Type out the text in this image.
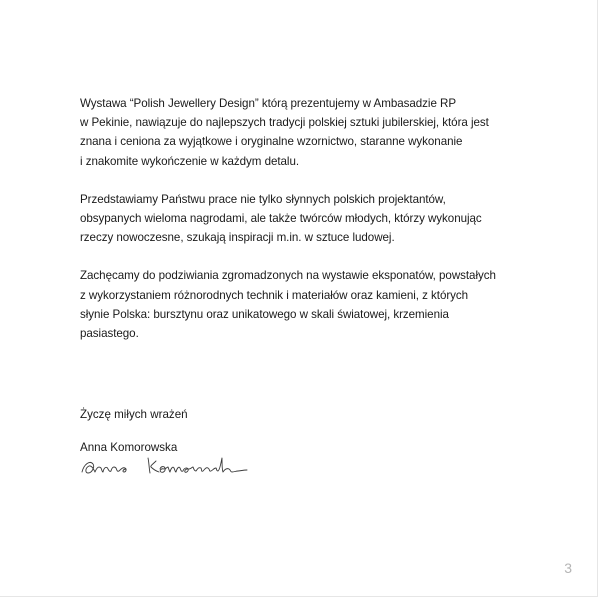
Wystawa “Polish Jewellery Design” którą prezentujemy w Ambasadzie RP
w Pekinie, nawiązuje do najlepszych tradycji polskiej sztuki jubilerskiej, która jest
znana i ceniona za wyjątkowe i oryginalne wzornictwo, staranne wykonanie
i znakomite wykończenie w każdym detalu.

Przedstawiamy Państwu prace nie tylko słynnych polskich projektantów,
obsypanych wieloma nagrodami, ale także twórców młodych, którzy wykonując
rzeczy nowoczesne, szukają inspiracji m.in. w sztuce ludowej.

Zachęcamy do podziwiania zgromadzonych na wystawie eksponatów, powstałych
z wykorzystaniem różnorodnych technik i materiałów oraz kamieni, z których
słynie Polska: bursztynu oraz unikatowego w skali światowej, krzemienia
pasiastego.

Życzę miłych wrażeń
Anna Komorowska
3
